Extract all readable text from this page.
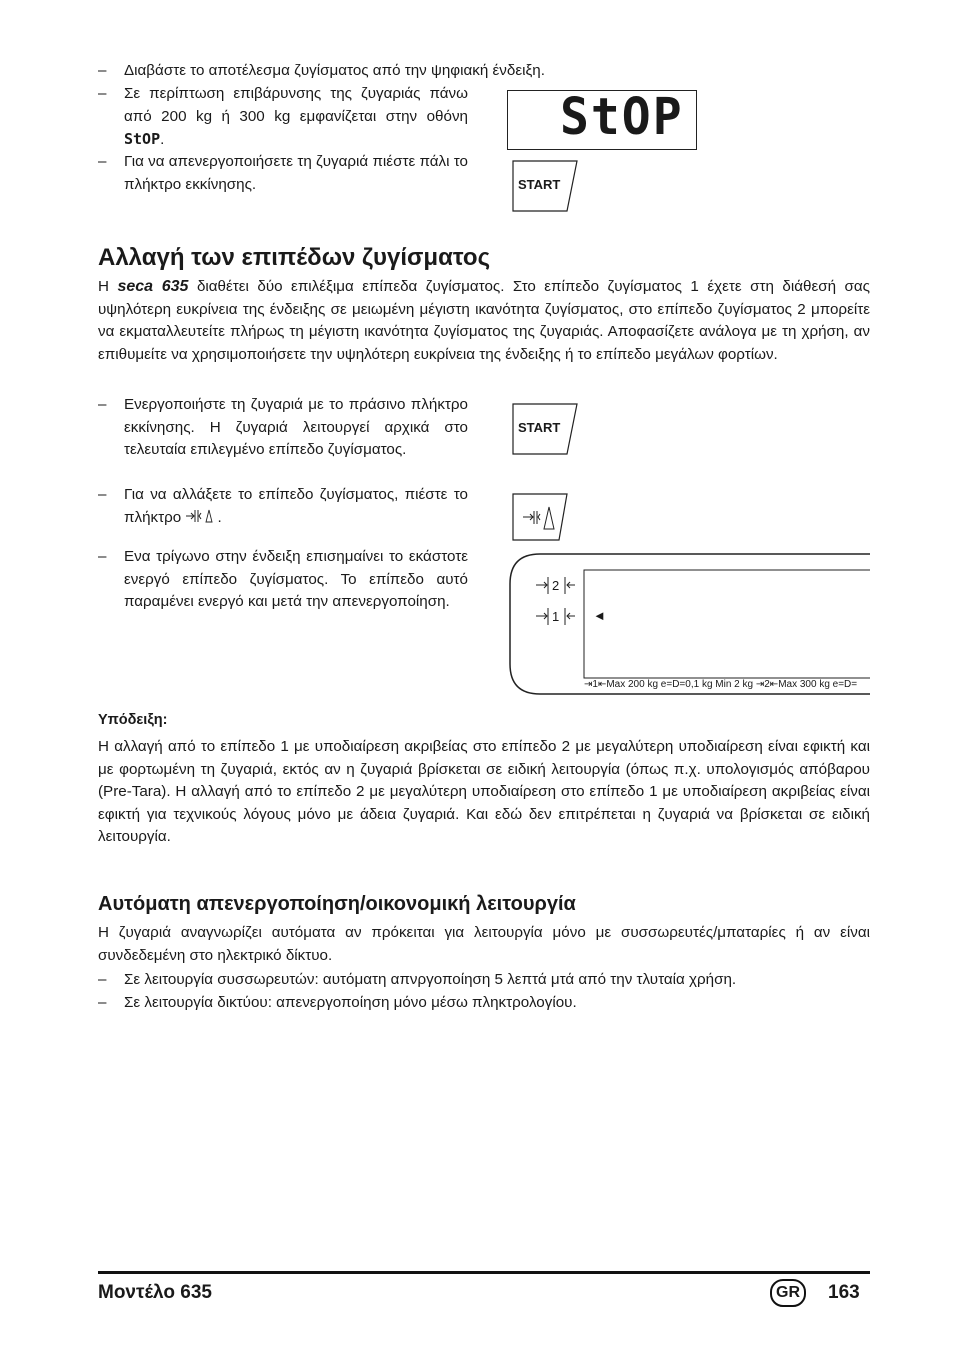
– Διαβάστε το αποτέλεσμα ζυγίσματος από την ψηφιακή ένδειξη.
– Σε περίπτωση επιβάρυνσης της ζυγαριάς πάνω από 200 kg ή 300 kg εμφανίζεται στην οθόνη StOP.
– Για να απενεργοποιήσετε τη ζυγαριά πιέστε πάλι το πλήκτρο εκκίνησης.
StOP
START
Αλλαγή των επιπέδων ζυγίσματος
Η seca 635 διαθέτει δύο επιλέξιμα επίπεδα ζυγίσματος. Στο επίπεδο ζυγίσματος 1 έχετε στη διάθεσή σας υψηλότερη ευκρίνεια της ένδειξης σε μειωμένη μέγιστη ικανότητα ζυγίσματος, στο επίπεδο ζυγίσματος 2 μπορείτε να εκματαλλευτείτε πλήρως τη μέγιστη ικανότητα ζυγίσματος της ζυγαριάς. Αποφασίζετε ανάλογα με τη χρήση, αν επιθυμείτε να χρησιμοποιήσετε την υψηλότερη ευκρίνεια της ένδειξης ή το επίπεδο μεγάλων φορτίων.
– Ενεργοποιήστε τη ζυγαριά με το πράσινο πλήκτρο εκκίνησης. Η ζυγαριά λειτουργεί αρχικά στο τελευταία επιλεγμένο επίπεδο ζυγίσματος.
– Για να αλλάξετε το επίπεδο ζυγίσματος, πιέστε το πλήκτρο .
– Ενα τρίγωνο στην ένδειξη επισημαίνει το εκάστοτε ενεργό επίπεδο ζυγίσματος. Το επίπεδο αυτό παραμένει ενεργό και μετά την απενεργοποίηση.
START
2
1	◄
⇥1⇤Max 200 kg e=D=0,1 kg Min 2 kg ⇥2⇤Max 300 kg e=D=
Υπόδειξη:
Η αλλαγή από το επίπεδο 1 με υποδιαίρεση ακριβείας στο επίπεδο 2 με μεγαλύτερη υποδιαίρεση είναι εφικτή και με φορτωμένη τη ζυγαριά, εκτός αν η ζυγαριά βρίσκεται σε ειδική λειτουργία (όπως π.χ. υπολογισμός απόβαρου (Pre-Tara). Η αλλαγή από το επίπεδο 2 με μεγαλύτερη υποδιαίρεση στο επίπεδο 1 με υποδιαίρεση ακριβείας είναι εφικτή για τεχνικούς λόγους μόνο με άδεια ζυγαριά. Και εδώ δεν επιτρέπεται η ζυγαριά να βρίσκεται σε ειδική λειτουργία.
Αυτόματη απενεργοποίηση/οικονομική λειτουργία
Η ζυγαριά αναγνωρίζει αυτόματα αν πρόκειται για λειτουργία μόνο με συσσωρευτές/μπαταρίες ή αν είναι συνδεδεμένη στο ηλεκτρικό δίκτυο.
– Σε λειτουργία συσσωρευτών: αυτόματη απνργοποίηση 5 λεπτά μτά από την τλυταία χρήση.
– Σε λειτουργία δικτύου: απενεργοποίηση μόνο μέσω πληκτρολογίου.
Μοντέλο 635	GR	163
